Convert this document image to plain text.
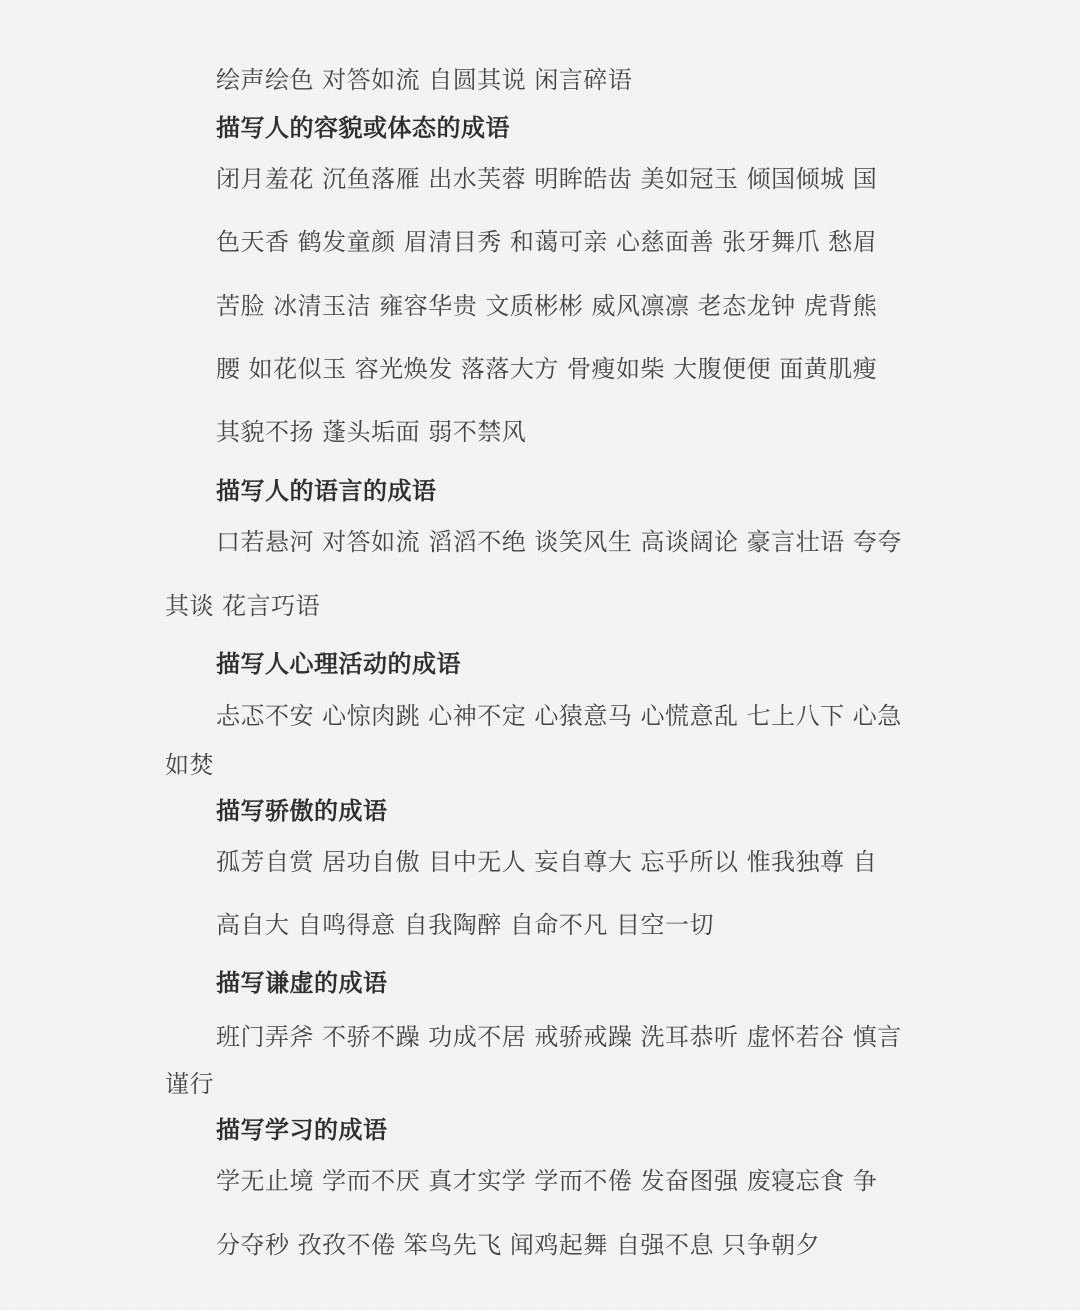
绘声绘色 对答如流 自圆其说 闲言碎语
描写人的容貌或体态的成语
闭月羞花 沉鱼落雁 出水芙蓉 明眸皓齿 美如冠玉 倾国倾城 国
色天香 鹤发童颜 眉清目秀 和蔼可亲 心慈面善 张牙舞爪 愁眉
苦脸 冰清玉洁 雍容华贵 文质彬彬 威风凛凛 老态龙钟 虎背熊
腰 如花似玉 容光焕发 落落大方 骨瘦如柴 大腹便便 面黄肌瘦
其貌不扬 蓬头垢面 弱不禁风
描写人的语言的成语
口若悬河 对答如流 滔滔不绝 谈笑风生 高谈阔论 豪言壮语 夸夸
其谈 花言巧语
描写人心理活动的成语
忐忑不安 心惊肉跳 心神不定 心猿意马 心慌意乱 七上八下 心急
如焚
描写骄傲的成语
孤芳自赏 居功自傲 目中无人 妄自尊大 忘乎所以 惟我独尊 自
高自大 自鸣得意 自我陶醉 自命不凡 目空一切
描写谦虚的成语
班门弄斧 不骄不躁 功成不居 戒骄戒躁 洗耳恭听 虚怀若谷 慎言
谨行
描写学习的成语
学无止境 学而不厌 真才实学 学而不倦 发奋图强 废寝忘食 争
分夺秒 孜孜不倦 笨鸟先飞 闻鸡起舞 自强不息 只争朝夕
